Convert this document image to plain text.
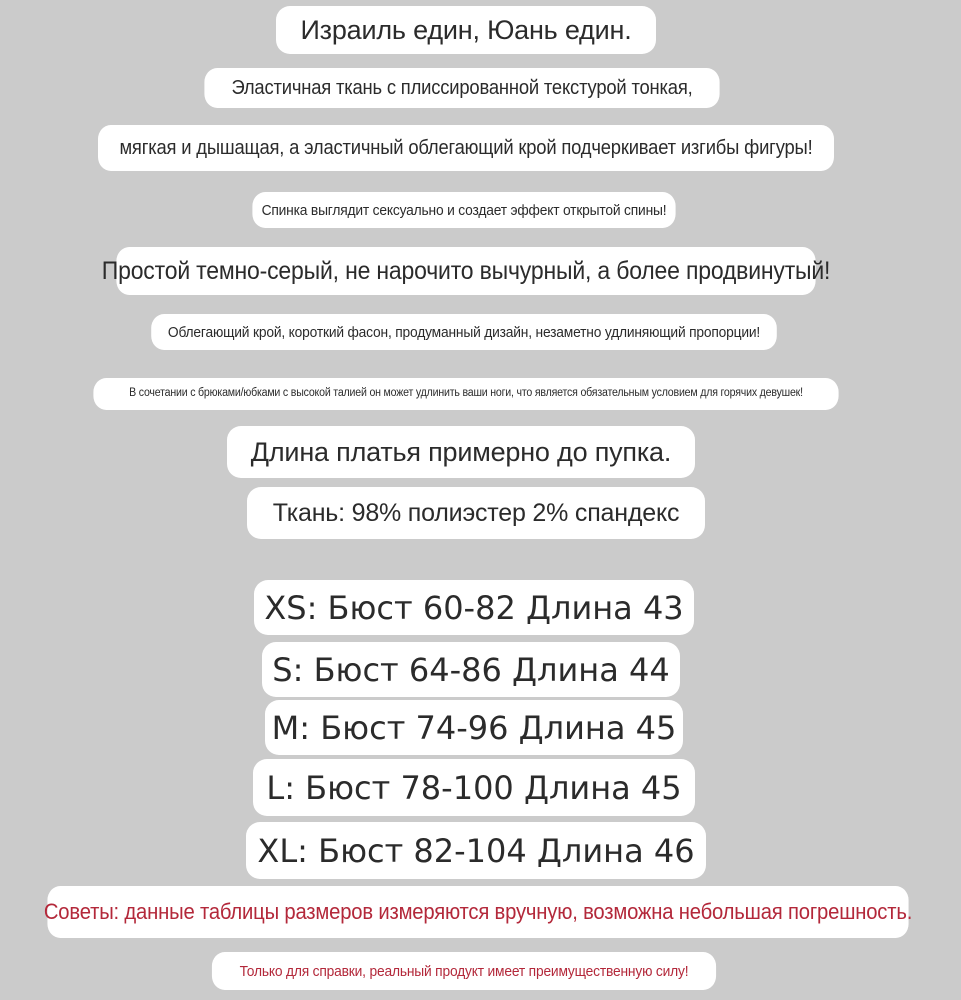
Израиль един, Юань един.
Эластичная ткань с плиссированной текстурой тонкая,
мягкая и дышащая, а эластичный облегающий крой подчеркивает изгибы фигуры!
Спинка выглядит сексуально и создает эффект открытой спины!
Простой темно-серый, не нарочито вычурный, а более продвинутый!
Облегающий крой, короткий фасон, продуманный дизайн, незаметно удлиняющий пропорции!
В сочетании с брюками/юбками с высокой талией он может удлинить ваши ноги, что является обязательным условием для горячих девушек!
Длина платья примерно до пупка.
Ткань: 98% полиэстер 2% спандекс
XS: Бюст 60-82 Длина 43
S: Бюст 64-86 Длина 44
M: Бюст 74-96 Длина 45
L: Бюст 78-100 Длина 45
XL: Бюст 82-104 Длина 46
Советы: данные таблицы размеров измеряются вручную, возможна небольшая погрешность.
Только для справки, реальный продукт имеет преимущественную силу!
